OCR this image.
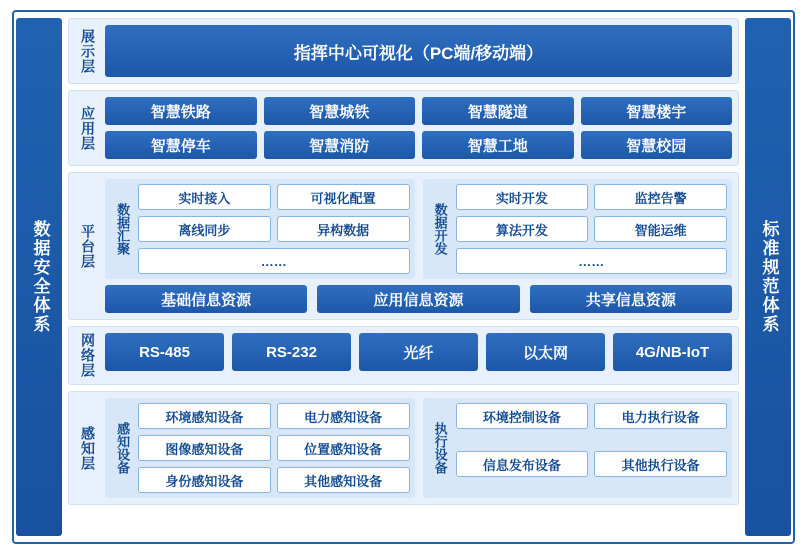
数据安全体系
展示层	指挥中心可视化（PC端/移动端）
应用层	智慧铁路	智慧城铁	智慧隧道	智慧楼宇
智慧停车	智慧消防	智慧工地	智慧校园
平台层	数据汇聚
实时接入	可视化配置
离线同步	异构数据
……
数据开发
实时开发	监控告警
算法开发	智能运维
……
基础信息资源	应用信息资源	共享信息资源
网络层	RS-485	RS-232	光纤	以太网	4G/NB-IoT
感知层	感知设备
环境感知设备	电力感知设备
图像感知设备	位置感知设备
身份感知设备	其他感知设备
执行设备
环境控制设备	电力执行设备
信息发布设备	其他执行设备
标准规范体系
